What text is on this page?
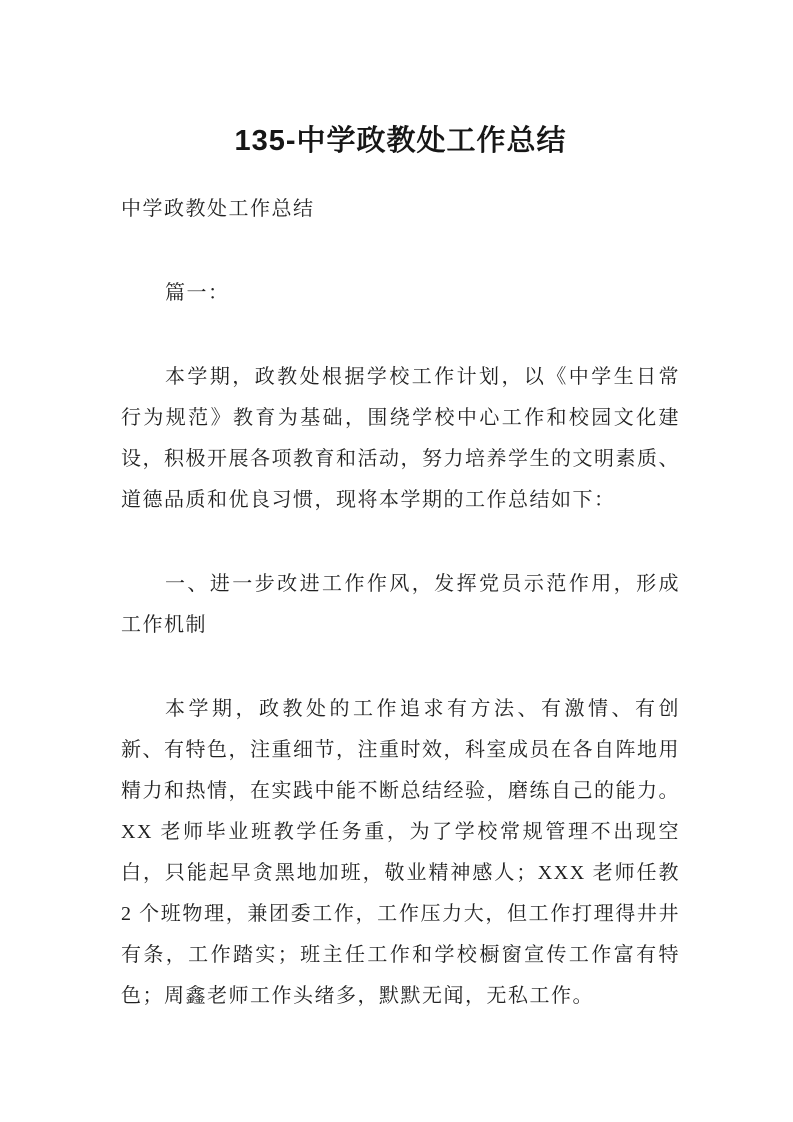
135-中学政教处工作总结

中学政教处工作总结

篇一：

本学期，政教处根据学校工作计划，以《中学生日常行为规范》教育为基础，围绕学校中心工作和校园文化建设，积极开展各项教育和活动，努力培养学生的文明素质、道德品质和优良习惯，现将本学期的工作总结如下：

一、进一步改进工作作风，发挥党员示范作用，形成工作机制

本学期，政教处的工作追求有方法、有激情、有创新、有特色，注重细节，注重时效，科室成员在各自阵地用精力和热情，在实践中能不断总结经验，磨练自己的能力。XX 老师毕业班教学任务重，为了学校常规管理不出现空白，只能起早贪黑地加班，敬业精神感人；XXX 老师任教 2 个班物理，兼团委工作，工作压力大，但工作打理得井井有条，工作踏实；班主任工作和学校橱窗宣传工作富有特色；周鑫老师工作头绪多，默默无闻，无私工作。
